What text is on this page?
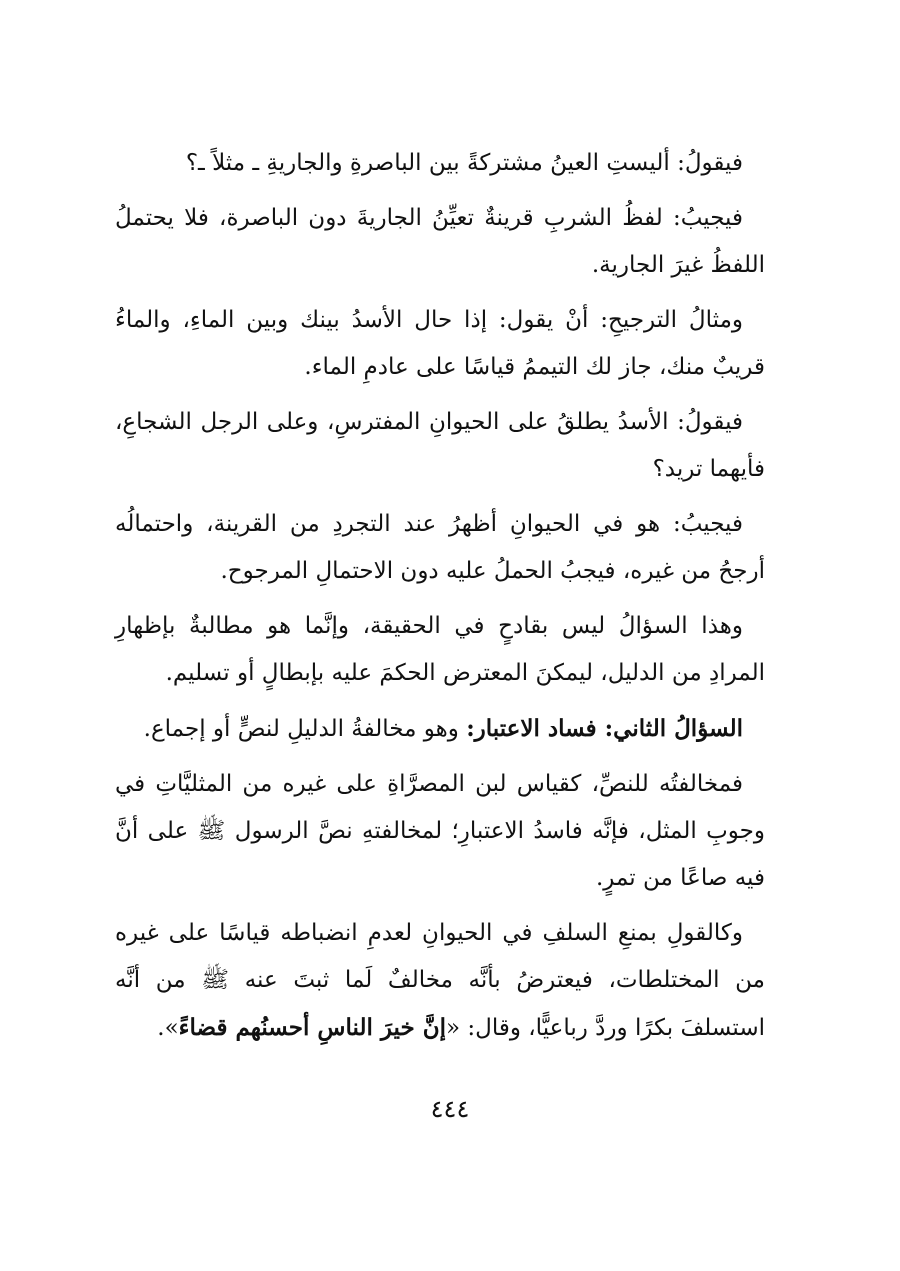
فيقولُ: أليستِ العينُ مشتركةً بين الباصرةِ والجاريةِ ـ مثلاً ـ؟

فيجيبُ: لفظُ الشربِ قرينةٌ تعيِّنُ الجاريةَ دون الباصرة، فلا يحتملُ اللفظُ غيرَ الجارية.

ومثالُ الترجيحِ: أنْ يقول: إذا حال الأسدُ بينك وبين الماءِ، والماءُ قريبٌ منك، جاز لك التيممُ قياسًا على عادمِ الماء.

فيقولُ: الأسدُ يطلقُ على الحيوانِ المفترسِ، وعلى الرجل الشجاعِ، فأيهما تريد؟

فيجيبُ: هو في الحيوانِ أظهرُ عند التجردِ من القرينة، واحتمالُه أرجحُ من غيره، فيجبُ الحملُ عليه دون الاحتمالِ المرجوح.

وهذا السؤالُ ليس بقادحٍ في الحقيقة، وإنَّما هو مطالبةٌ بإظهارِ المرادِ من الدليل، ليمكنَ المعترض الحكمَ عليه بإبطالٍ أو تسليم.

السؤالُ الثاني: فساد الاعتبار: وهو مخالفةُ الدليلِ لنصٍّ أو إجماع.

فمخالفتُه للنصِّ، كقياس لبن المصرَّاةِ على غيره من المثليَّاتِ في وجوبِ المثل، فإنَّه فاسدُ الاعتبارِ؛ لمخالفتهِ نصَّ الرسول ﷺ على أنَّ فيه صاعًا من تمرٍ.

وكالقولِ بمنعِ السلفِ في الحيوانِ لعدمِ انضباطه قياسًا على غيره من المختلطات، فيعترضُ بأنَّه مخالفٌ لَما ثبتَ عنه ﷺ من أنَّه استسلفَ بكرًا وردَّ رباعيًّا، وقال: «إنَّ خيرَ الناسِ أحسنُهم قضاءً».

٤٤٤
